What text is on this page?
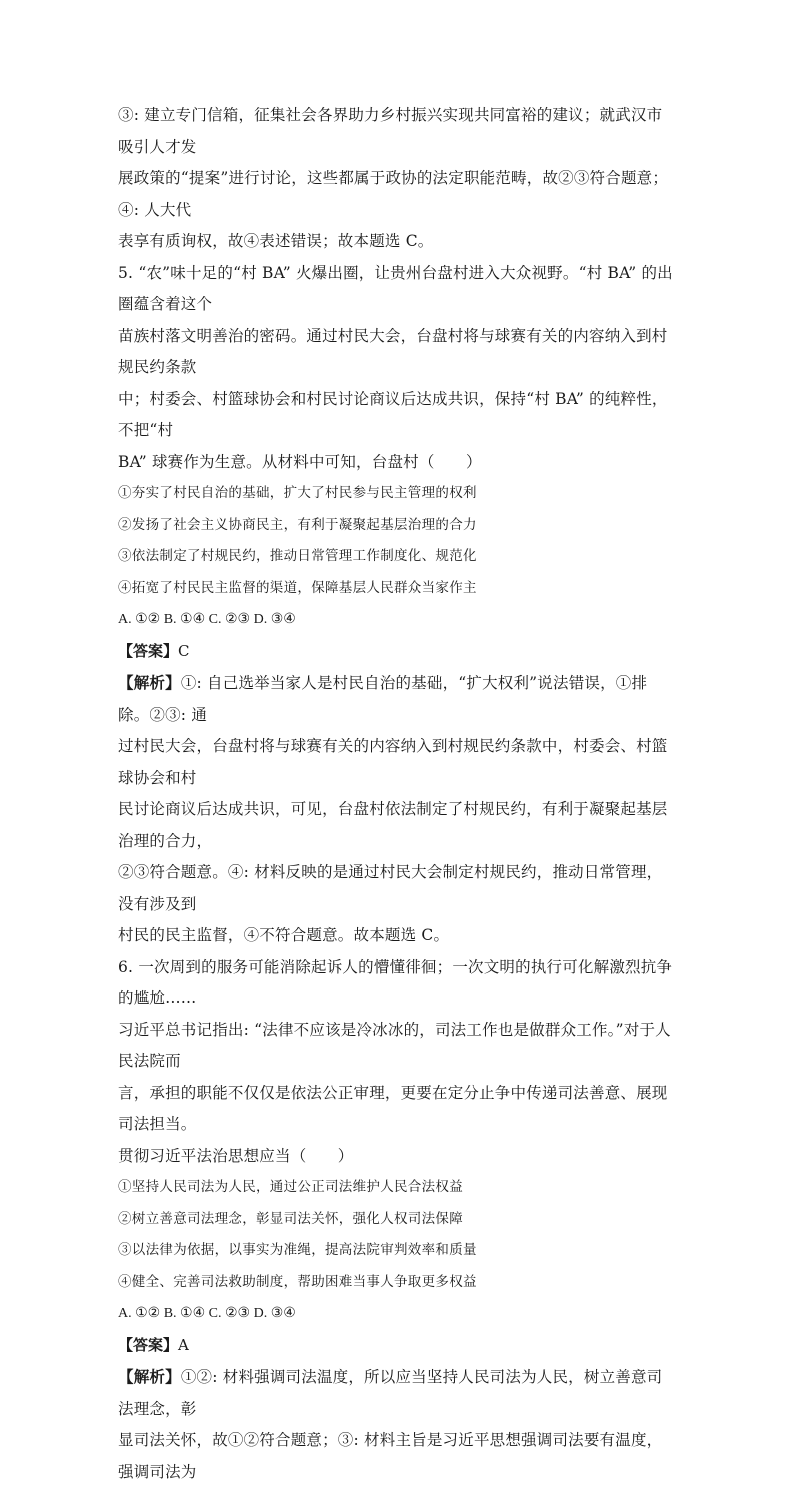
③: 建立专门信箱，征集社会各界助力乡村振兴实现共同富裕的建议；就武汉市吸引人才发

展政策的“提案”进行讨论，这些都属于政协的法定职能范畴，故②③符合题意；④: 人大代

表享有质询权，故④表述错误；故本题选 C。

5. “农”味十足的“村 BA” 火爆出圈，让贵州台盘村进入大众视野。“村 BA” 的出圈蕴含着这个

苗族村落文明善治的密码。通过村民大会，台盘村将与球赛有关的内容纳入到村规民约条款

中；村委会、村篮球协会和村民讨论商议后达成共识，保持“村 BA” 的纯粹性，不把“村

BA” 球赛作为生意。从材料中可知，台盘村（　　）

①夯实了村民自治的基础，扩大了村民参与民主管理的权利

②发扬了社会主义协商民主，有利于凝聚起基层治理的合力

③依法制定了村规民约，推动日常管理工作制度化、规范化

④拓宽了村民民主监督的渠道，保障基层人民群众当家作主

A. ①② B. ①④ C. ②③ D. ③④

【答案】C

【解析】①: 自己选举当家人是村民自治的基础，“扩大权利”说法错误，①排除。②③: 通

过村民大会，台盘村将与球赛有关的内容纳入到村规民约条款中，村委会、村篮球协会和村

民讨论商议后达成共识，可见，台盘村依法制定了村规民约，有利于凝聚起基层治理的合力，

②③符合题意。④: 材料反映的是通过村民大会制定村规民约，推动日常管理，没有涉及到

村民的民主监督，④不符合题意。故本题选 C。

6. 一次周到的服务可能消除起诉人的懵懂徘徊；一次文明的执行可化解激烈抗争的尴尬……

习近平总书记指出: “法律不应该是冷冰冰的，司法工作也是做群众工作。”对于人民法院而

言，承担的职能不仅仅是依法公正审理，更要在定分止争中传递司法善意、展现司法担当。

贯彻习近平法治思想应当（　　）

①坚持人民司法为人民，通过公正司法维护人民合法权益

②树立善意司法理念，彰显司法关怀，强化人权司法保障

③以法律为依据，以事实为准绳，提高法院审判效率和质量

④健全、完善司法救助制度，帮助困难当事人争取更多权益

A. ①② B. ①④ C. ②③ D. ③④

【答案】A

【解析】①②: 材料强调司法温度，所以应当坚持人民司法为人民，树立善意司法理念，彰

显司法关怀，故①②符合题意；③: 材料主旨是习近平思想强调司法要有温度，强调司法为
